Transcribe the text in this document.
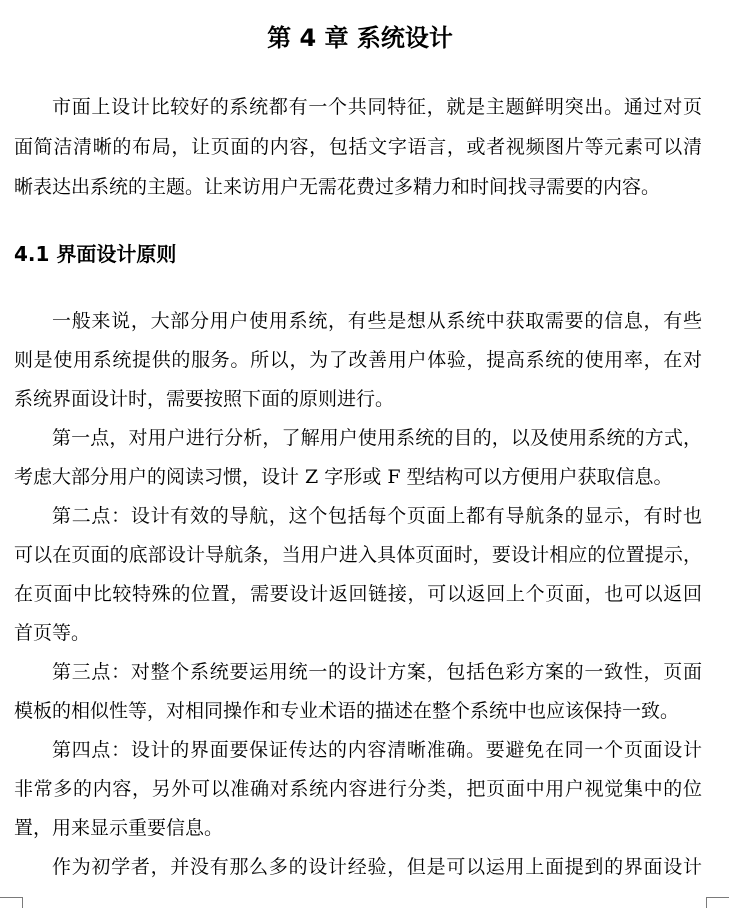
第 4 章 系统设计

市面上设计比较好的系统都有一个共同特征，就是主题鲜明突出。通过对页

面简洁清晰的布局，让页面的内容，包括文字语言，或者视频图片等元素可以清

晰表达出系统的主题。让来访用户无需花费过多精力和时间找寻需要的内容。

4.1 界面设计原则

一般来说，大部分用户使用系统，有些是想从系统中获取需要的信息，有些

则是使用系统提供的服务。所以，为了改善用户体验，提高系统的使用率，在对

系统界面设计时，需要按照下面的原则进行。

第一点，对用户进行分析，了解用户使用系统的目的，以及使用系统的方式，

考虑大部分用户的阅读习惯，设计 Z 字形或 F 型结构可以方便用户获取信息。

第二点：设计有效的导航，这个包括每个页面上都有导航条的显示，有时也

可以在页面的底部设计导航条，当用户进入具体页面时，要设计相应的位置提示，

在页面中比较特殊的位置，需要设计返回链接，可以返回上个页面，也可以返回

首页等。

第三点：对整个系统要运用统一的设计方案，包括色彩方案的一致性，页面

模板的相似性等，对相同操作和专业术语的描述在整个系统中也应该保持一致。

第四点：设计的界面要保证传达的内容清晰准确。要避免在同一个页面设计

非常多的内容，另外可以准确对系统内容进行分类，把页面中用户视觉集中的位

置，用来显示重要信息。

作为初学者，并没有那么多的设计经验，但是可以运用上面提到的界面设计
